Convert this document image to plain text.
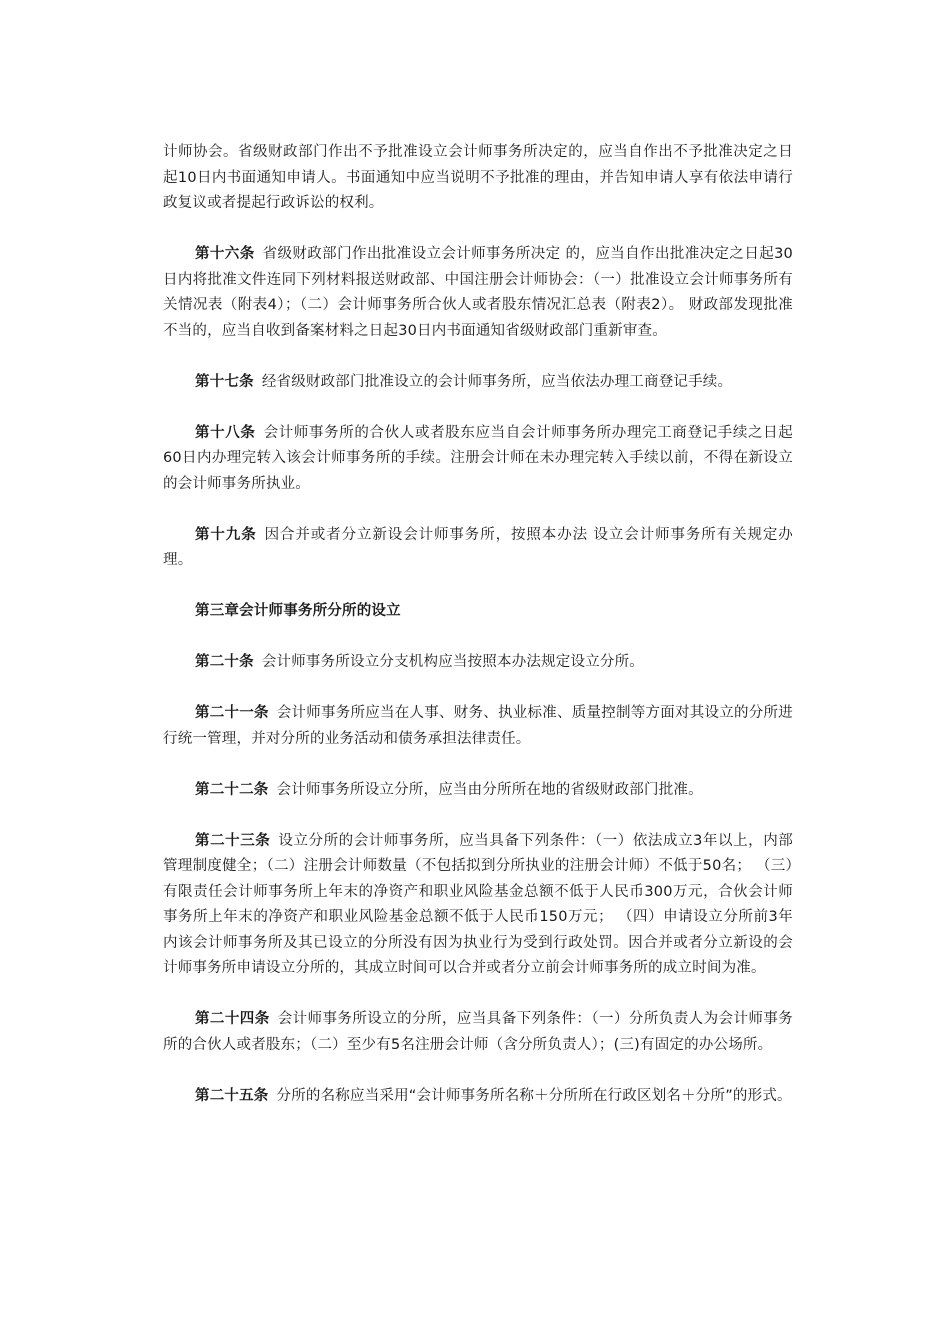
计师协会。省级财政部门作出不予批准设立会计师事务所决定的，应当自作出不予批准决定之日起10日内书面通知申请人。书面通知中应当说明不予批准的理由，并告知申请人享有依法申请行政复议或者提起行政诉讼的权利。

第十六条 省级财政部门作出批准设立会计师事务所决定 的，应当自作出批准决定之日起30日内将批准文件连同下列材料报送财政部、中国注册会计师协会：（一）批准设立会计师事务所有关情况表（附表4）；（二）会计师事务所合伙人或者股东情况汇总表（附表2）。 财政部发现批准不当的，应当自收到备案材料之日起30日内书面通知省级财政部门重新审查。

第十七条 经省级财政部门批准设立的会计师事务所，应当依法办理工商登记手续。

第十八条 会计师事务所的合伙人或者股东应当自会计师事务所办理完工商登记手续之日起60日内办理完转入该会计师事务所的手续。注册会计师在未办理完转入手续以前，不得在新设立的会计师事务所执业。

第十九条 因合并或者分立新设会计师事务所，按照本办法 设立会计师事务所有关规定办理。

第三章会计师事务所分所的设立

第二十条 会计师事务所设立分支机构应当按照本办法规定设立分所。

第二十一条 会计师事务所应当在人事、财务、执业标准、质量控制等方面对其设立的分所进行统一管理，并对分所的业务活动和债务承担法律责任。

第二十二条 会计师事务所设立分所，应当由分所所在地的省级财政部门批准。

第二十三条 设立分所的会计师事务所，应当具备下列条件：（一）依法成立3年以上，内部管理制度健全；（二）注册会计师数量（不包括拟到分所执业的注册会计师）不低于50名； （三）有限责任会计师事务所上年末的净资产和职业风险基金总额不低于人民币300万元，合伙会计师事务所上年末的净资产和职业风险基金总额不低于人民币150万元； （四）申请设立分所前3年内该会计师事务所及其已设立的分所没有因为执业行为受到行政处罚。因合并或者分立新设的会计师事务所申请设立分所的，其成立时间可以合并或者分立前会计师事务所的成立时间为准。

第二十四条 会计师事务所设立的分所，应当具备下列条件：（一）分所负责人为会计师事务所的合伙人或者股东；（二）至少有5名注册会计师（含分所负责人）；(三)有固定的办公场所。

第二十五条 分所的名称应当采用“会计师事务所名称＋分所所在行政区划名＋分所”的形式。
